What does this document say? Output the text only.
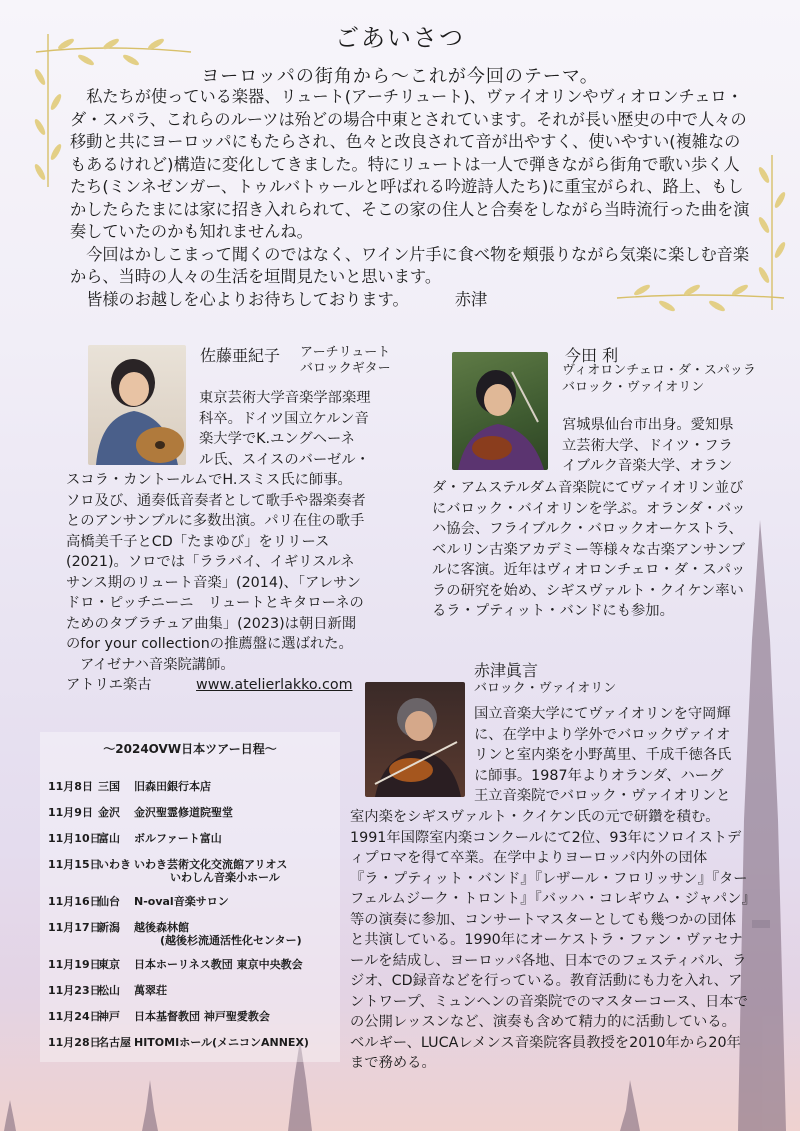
ごあいさつ
ヨーロッパの街角から～これが今回のテーマ。

私たちが使っている楽器、リュート(アーチリュート)、ヴァイオリンやヴィオロンチェロ・ダ・スパラ、これらのルーツは殆どの場合中東とされています。それが長い歴史の中で人々の移動と共にヨーロッパにもたらされ、色々と改良されて音が出やすく、使いやすい(複雑なのもあるけれど)構造に変化してきました。特にリュートは一人で弾きながら街角で歌い歩く人たち(ミンネゼンガー、トゥルバトゥールと呼ばれる吟遊詩人たち)に重宝がられ、路上、もしかしたらたまには家に招き入れられて、そこの家の住人と合奏をしながら当時流行った曲を演奏していたのかも知れませんね。

今回はかしこまって聞くのではなく、ワイン片手に食べ物を頬張りながら気楽に楽しむ音楽から、当時の人々の生活を垣間見たいと思います。

皆様のお越しを心よりお待ちしております。	赤津

佐藤亜紀子 アーチリュート
バロックギター

東京芸術大学音楽学部楽理

科卒。ドイツ国立ケルン音

楽大学でK.ユングヘーネ

ル氏、スイスのバーゼル・

スコラ・カントールムでH.スミス氏に師事。ソロ及び、通奏低音奏者として歌手や器楽奏者とのアンサンブルに多数出演。パリ在住の歌手高橋美千子とCD「たまゆび」をリリース(2021)。ソロでは「ララバイ、イギリスルネサンス期のリュート音楽」(2014)、「アレサンドロ・ピッチニーニ　リュートとキタローネのためのタブラチュア曲集」(2023)は朝日新聞のfor your collectionの推薦盤に選ばれた。

アイゼナハ音楽院講師。
アトリエ楽古	www.atelierlakko.com
今田 利
ヴィオロンチェロ・ダ・スパッラ
バロック・ヴァイオリン

宮城県仙台市出身。愛知県

立芸術大学、ドイツ・フラ

イブルク音楽大学、オラン

ダ・アムステルダム音楽院にてヴァイオリン並びにバロック・バイオリンを学ぶ。オランダ・バッハ協会、フライブルク・バロックオーケストラ、ベルリン古楽アカデミー等様々な古楽アンサンブルに客演。近年はヴィオロンチェロ・ダ・スパッラの研究を始め、シギスヴァルト・クイケン率いるラ・プティット・バンドにも参加。

赤津眞言
バロック・ヴァイオリン

国立音楽大学にてヴァイオリンを守岡輝

に、在学中より学外でバロックヴァイオ

リンと室内楽を小野萬里、千成千徳各氏

に師事。1987年よりオランダ、ハーグ

王立音楽院でバロック・ヴァイオリンと

室内楽をシギスヴァルト・クイケン氏の元で研鑽を積む。1991年国際室内楽コンクールにて2位、93年にソロイストディプロマを得て卒業。在学中よりヨーロッパ内外の団体『ラ・プティット・バンド』『レザール・フロリッサン』『ターフェルムジーク・トロント』『バッハ・コレギウム・ジャパン』等の演奏に参加、コンサートマスターとしても幾つかの団体と共演している。1990年にオーケストラ・ファン・ヴァセナールを結成し、ヨーロッパ各地、日本でのフェスティバル、ラジオ、CD録音などを行っている。教育活動にも力を入れ、アントワープ、ミュンヘンの音楽院でのマスターコース、日本での公開レッスンなど、演奏も含めて精力的に活動している。ベルギー、LUCAレメンス音楽院客員教授を2010年から20年まで務める。

～2024OVW日本ツアー日程～
11月8日 三国 旧森田銀行本店
11月9日 金沢 金沢聖霊修道院聖堂
11月10日富山 ボルファート富山
11月15日いわき いわき芸術文化交流館アリオス
いわしん音楽小ホール
11月16日仙台 N-oval音楽サロン
11月17日新潟 越後森林館
(越後杉流通活性化センター)
11月19日東京 日本ホーリネス教団 東京中央教会
11月23日松山 萬翠荘
11月24日神戸 日本基督教団 神戸聖愛教会
11月28日名古屋 HITOMIホール(メニコンANNEX)
